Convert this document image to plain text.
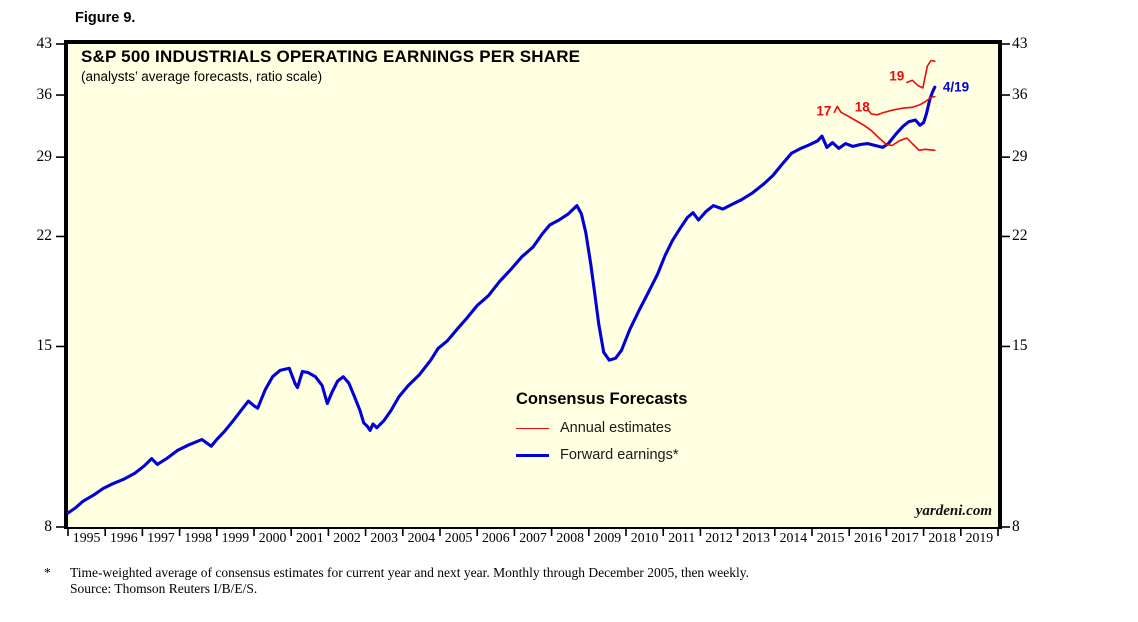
Figure 9.
S&P 500 INDUSTRIALS OPERATING EARNINGS PER SHARE
(analysts’ average forecasts, ratio scale)
Consensus Forecasts
Annual estimates
Forward earnings*
yardeni.com
* Time-weighted average of consensus estimates for current year and next year. Monthly through December 2005, then weekly.
Source: Thomson Reuters I/B/E/S.
43	43
36	36
29	29
22	22
15	15
8	8
1995 1996 1997 1998 1999 2000 2001 2002 2003 2004 2005 2006 2007 2008 2009 2010 2011 2012 2013 2014 2015 2016 2017 2018 2019
17 18
19
4/19
